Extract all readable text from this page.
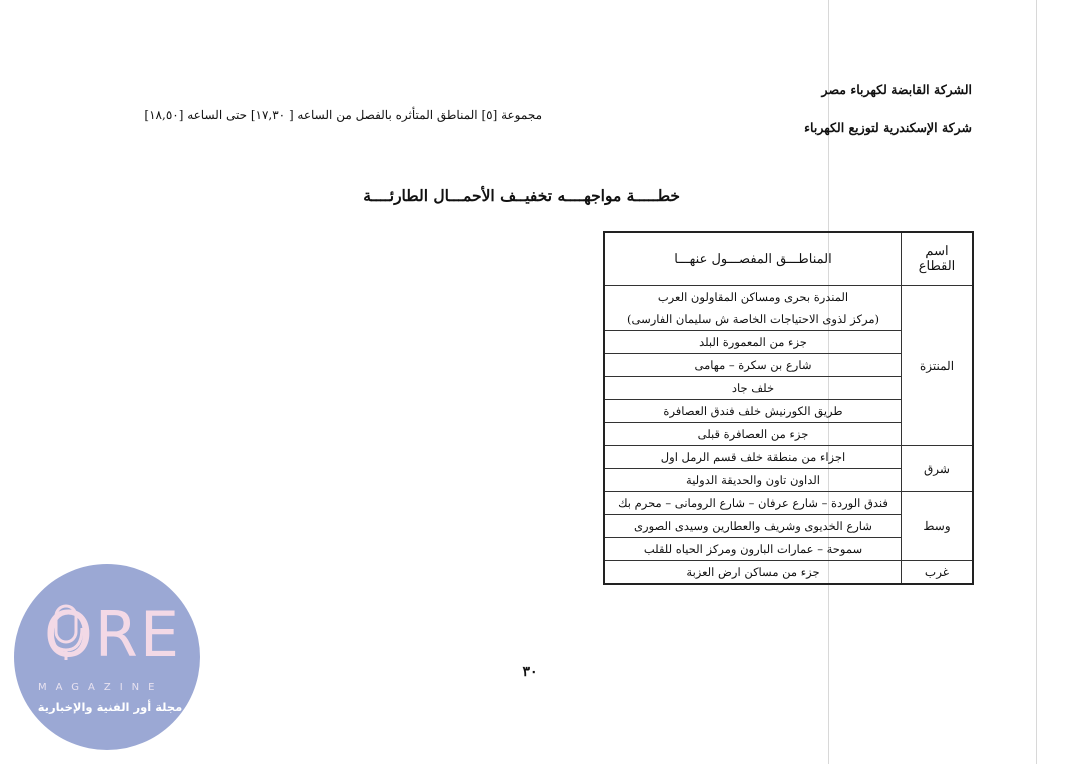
الشركة القابضة لكهرباء مصر
شركة الإسكندرية لتوزيع الكهرباء
مجموعة [٥] المناطق المتأثره بالفصل من الساعه [ ١٧,٣٠] حتى الساعه [١٨,٥٠]
خطـــــة مواجهــــه تخفيــف الأحمـــال الطارئــــة
اسم القطاع	المناطـــق المفصـــول عنهـــا
المنتزة	المندرة بحرى ومساكن المقاولون العرب
(مركز لذوى الاحتياجات الخاصة ش سليمان الفارسى)

	جزء من المعمورة البلد
	شارع بن سكرة – مهامى
	خلف جاد
	طريق الكورنيش خلف فندق العصافرة
	جزء من العصافرة قبلى
شرق	اجزاء من منطقة خلف قسم الرمل اول
	الداون تاون والحديقة الدولية
وسط	فندق الوردة – شارع عرفان – شارع الرومانى – محرم بك
	شارع الخديوى وشريف والعطارين وسيدى الصورى
	سموحة – عمارات البارون ومركز الحياه للقلب
غرب	جزء من مساكن ارض العزبة
٣٠
ORE
MAGAZINE
مجلة أور الفنية والإخبارية
